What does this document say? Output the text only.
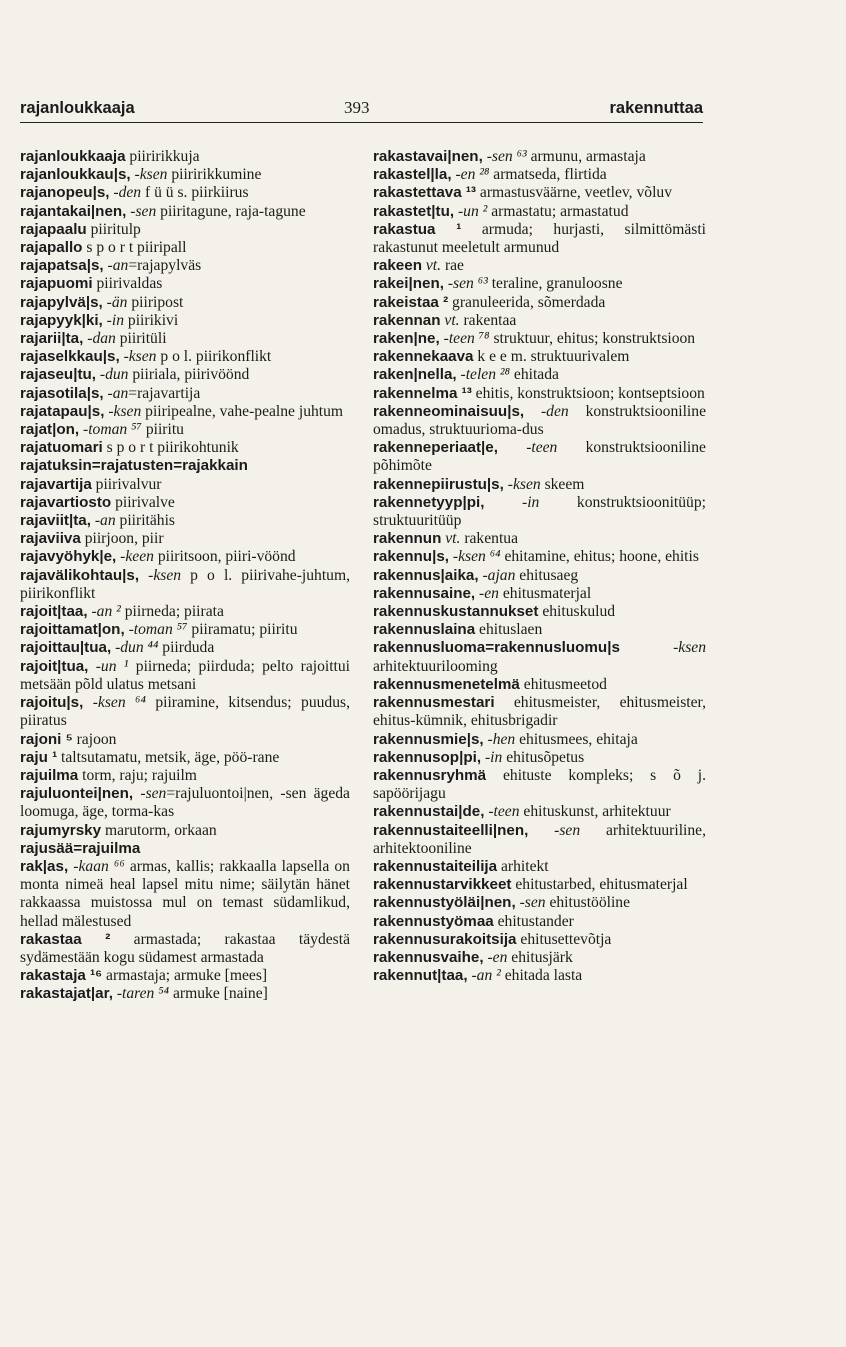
rajanloukkaaja	393	rakennuttaa

rajanloukkaaja piiririkkuja

rajanloukkau|s, -ksen piiririkkumine

rajanopeu|s, -den f ü ü s. piirkiirus

rajantakai|nen, -sen piiritagune, raja-tagune

rajapaalu piiritulp

rajapallo s p o r t piiripall

rajapatsa|s, -an=rajapylväs

rajapuomi piirivaldas

rajapylvä|s, -än piiripost

rajapyyk|ki, -in piirikivi

rajarii|ta, -dan piiritüli

rajaselkkau|s, -ksen p o l. piirikonflikt

rajaseu|tu, -dun piiriala, piirivöönd

rajasotila|s, -an=rajavartija

rajatapau|s, -ksen piiripealne, vahe-pealne juhtum

rajat|on, -toman ⁵⁷ piiritu

rajatuomari s p o r t piirikohtunik

rajatuksin=rajatusten=rajakkain

rajavartija piirivalvur

rajavartiosto piirivalve

rajaviit|ta, -an piiritähis

rajaviiva piirjoon, piir

rajavyöhyk|e, -keen piiritsoon, piiri-vöönd

rajavälikohtau|s, -ksen p o l. piirivahe-juhtum, piirikonflikt

rajoit|taa, -an ² piirneda; piirata

rajoittamat|on, -toman ⁵⁷ piiramatu; piiritu

rajoittau|tua, -dun ⁴⁴ piirduda

rajoit|tua, -un ¹ piirneda; piirduda; pelto rajoittui metsään põld ulatus metsani

rajoitu|s, -ksen ⁶⁴ piiramine, kitsendus; puudus, piiratus

rajoni ⁵ rajoon

raju ¹ taltsutamatu, metsik, äge, pöö-rane

rajuilma torm, raju; rajuilm

rajuluontei|nen, -sen=rajuluontoi|nen, -sen ägeda loomuga, äge, torma-kas

rajumyrsky marutorm, orkaan

rajusää=rajuilma

rak|as, -kaan ⁶⁶ armas, kallis; rakkaalla lapsella on monta nimeä heal lapsel mitu nime; säilytän hänet rakkaassa muistossa mul on temast südamlikud, hellad mälestused

rakastaa ² armastada; rakastaa täydestä sydämestään kogu südamest armastada

rakastaja ¹⁶ armastaja; armuke [mees]

rakastajat|ar, -taren ⁵⁴ armuke [naine]

rakastavai|nen, -sen ⁶³ armunu, armastaja

rakastel|la, -en ²⁸ armatseda, flirtida

rakastettava ¹³ armastusväärne, veetlev, võluv

rakastet|tu, -un ² armastatu; armastatud

rakastua ¹ armuda; hurjasti, silmittömästi rakastunut meeletult armunud

rakeen vt. rae

rakei|nen, -sen ⁶³ teraline, granuloosne

rakeistaa ² granuleerida, sõmerdada

rakennan vt. rakentaa

raken|ne, -teen ⁷⁸ struktuur, ehitus; konstruktsioon

rakennekaava k e e m. struktuurivalem

raken|nella, -telen ²⁸ ehitada

rakennelma ¹³ ehitis, konstruktsioon; kontseptsioon

rakenneominaisuu|s, -den konstruktsiooniline omadus, struktuurioma-dus

rakenneperiaat|e, -teen konstruktsiooniline põhimõte

rakennepiirustu|s, -ksen skeem

rakennetyyp|pi, -in konstruktsioonitüüp; struktuuritüüp

rakennun vt. rakentua

rakennu|s, -ksen ⁶⁴ ehitamine, ehitus; hoone, ehitis

rakennus|aika, -ajan ehitusaeg

rakennusaine, -en ehitusmaterjal

rakennuskustannukset ehituskulud

rakennuslaina ehituslaen

rakennusluoma=rakennusluomu|s -ksen arhitektuurilooming

rakennusmenetelmä ehitusmeetod

rakennusmestari ehitusmeister, ehitusmeister, ehitus-kümnik, ehitusbrigadir

rakennusmie|s, -hen ehitusmees, ehitaja

rakennusop|pi, -in ehitusõpetus

rakennusryhmä ehituste kompleks; s õ j. sapöörijagu

rakennustai|de, -teen ehituskunst, arhitektuur

rakennustaiteelli|nen, -sen arhitektuuriline, arhitektooniline

rakennustaiteilija arhitekt

rakennustarvikkeet ehitustarbed, ehitusmaterjal

rakennustyöläi|nen, -sen ehitustööline

rakennustyömaa ehitustander

rakennusurakoitsija ehitusettevõtja

rakennusvaihe, -en ehitusjärk

rakennut|taa, -an ² ehitada lasta
